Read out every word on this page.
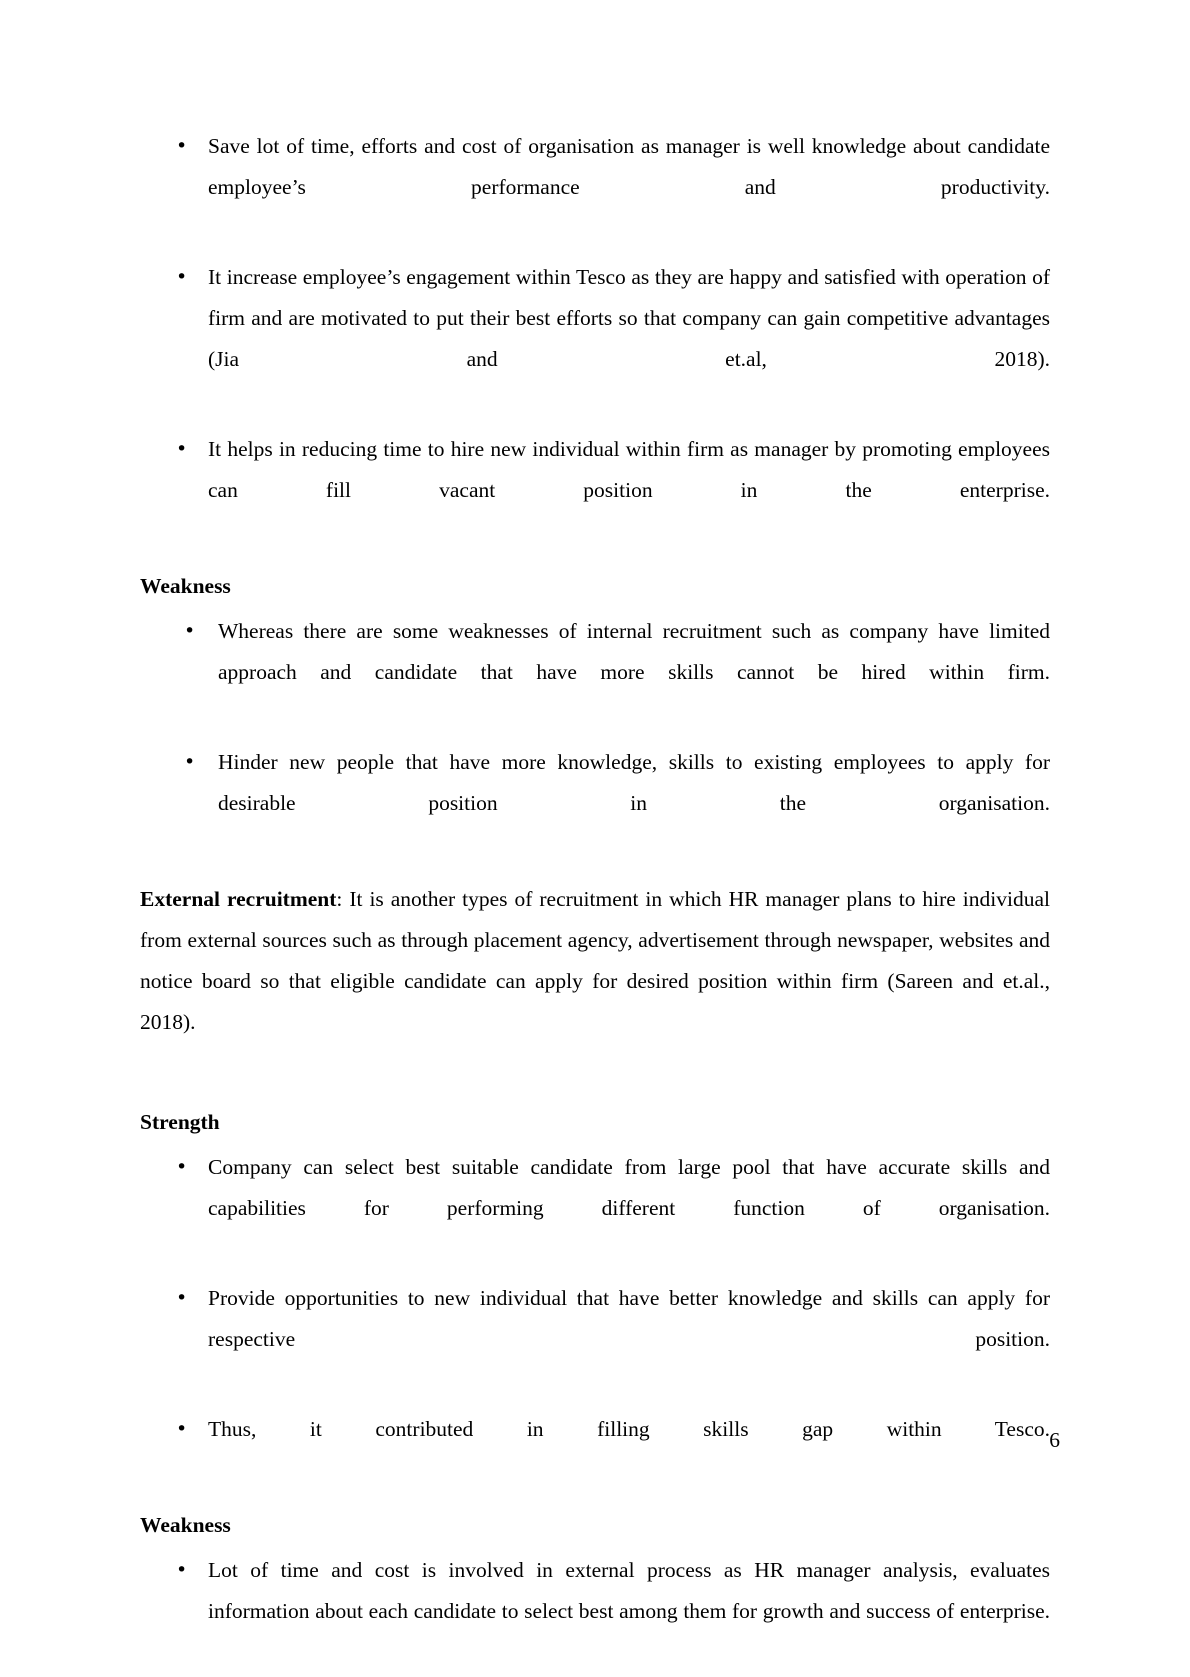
• Save lot of time, efforts and cost of organisation as manager is well knowledge about candidate employee’s performance and productivity.
• It increase employee’s engagement within Tesco as they are happy and satisfied with operation of firm and are motivated to put their best efforts so that company can gain competitive advantages (Jia and et.al, 2018).
• It helps in reducing time to hire new individual within firm as manager by promoting employees can fill vacant position in the enterprise.

Weakness

• Whereas there are some weaknesses of internal recruitment such as company have limited approach and candidate that have more skills cannot be hired within firm.
• Hinder new people that have more knowledge, skills to existing employees to apply for desirable position in the organisation.

External recruitment: It is another types of recruitment in which HR manager plans to hire individual from external sources such as through placement agency, advertisement through newspaper, websites and notice board so that eligible candidate can apply for desired position within firm (Sareen and et.al., 2018).

Strength

• Company can select best suitable candidate from large pool that have accurate skills and capabilities for performing different function of organisation.
• Provide opportunities to new individual that have better knowledge and skills can apply for respective position.
• Thus, it contributed in filling skills gap within Tesco.

Weakness

• Lot of time and cost is involved in external process as HR manager analysis, evaluates information about each candidate to select best among them for growth and success of enterprise.
6
